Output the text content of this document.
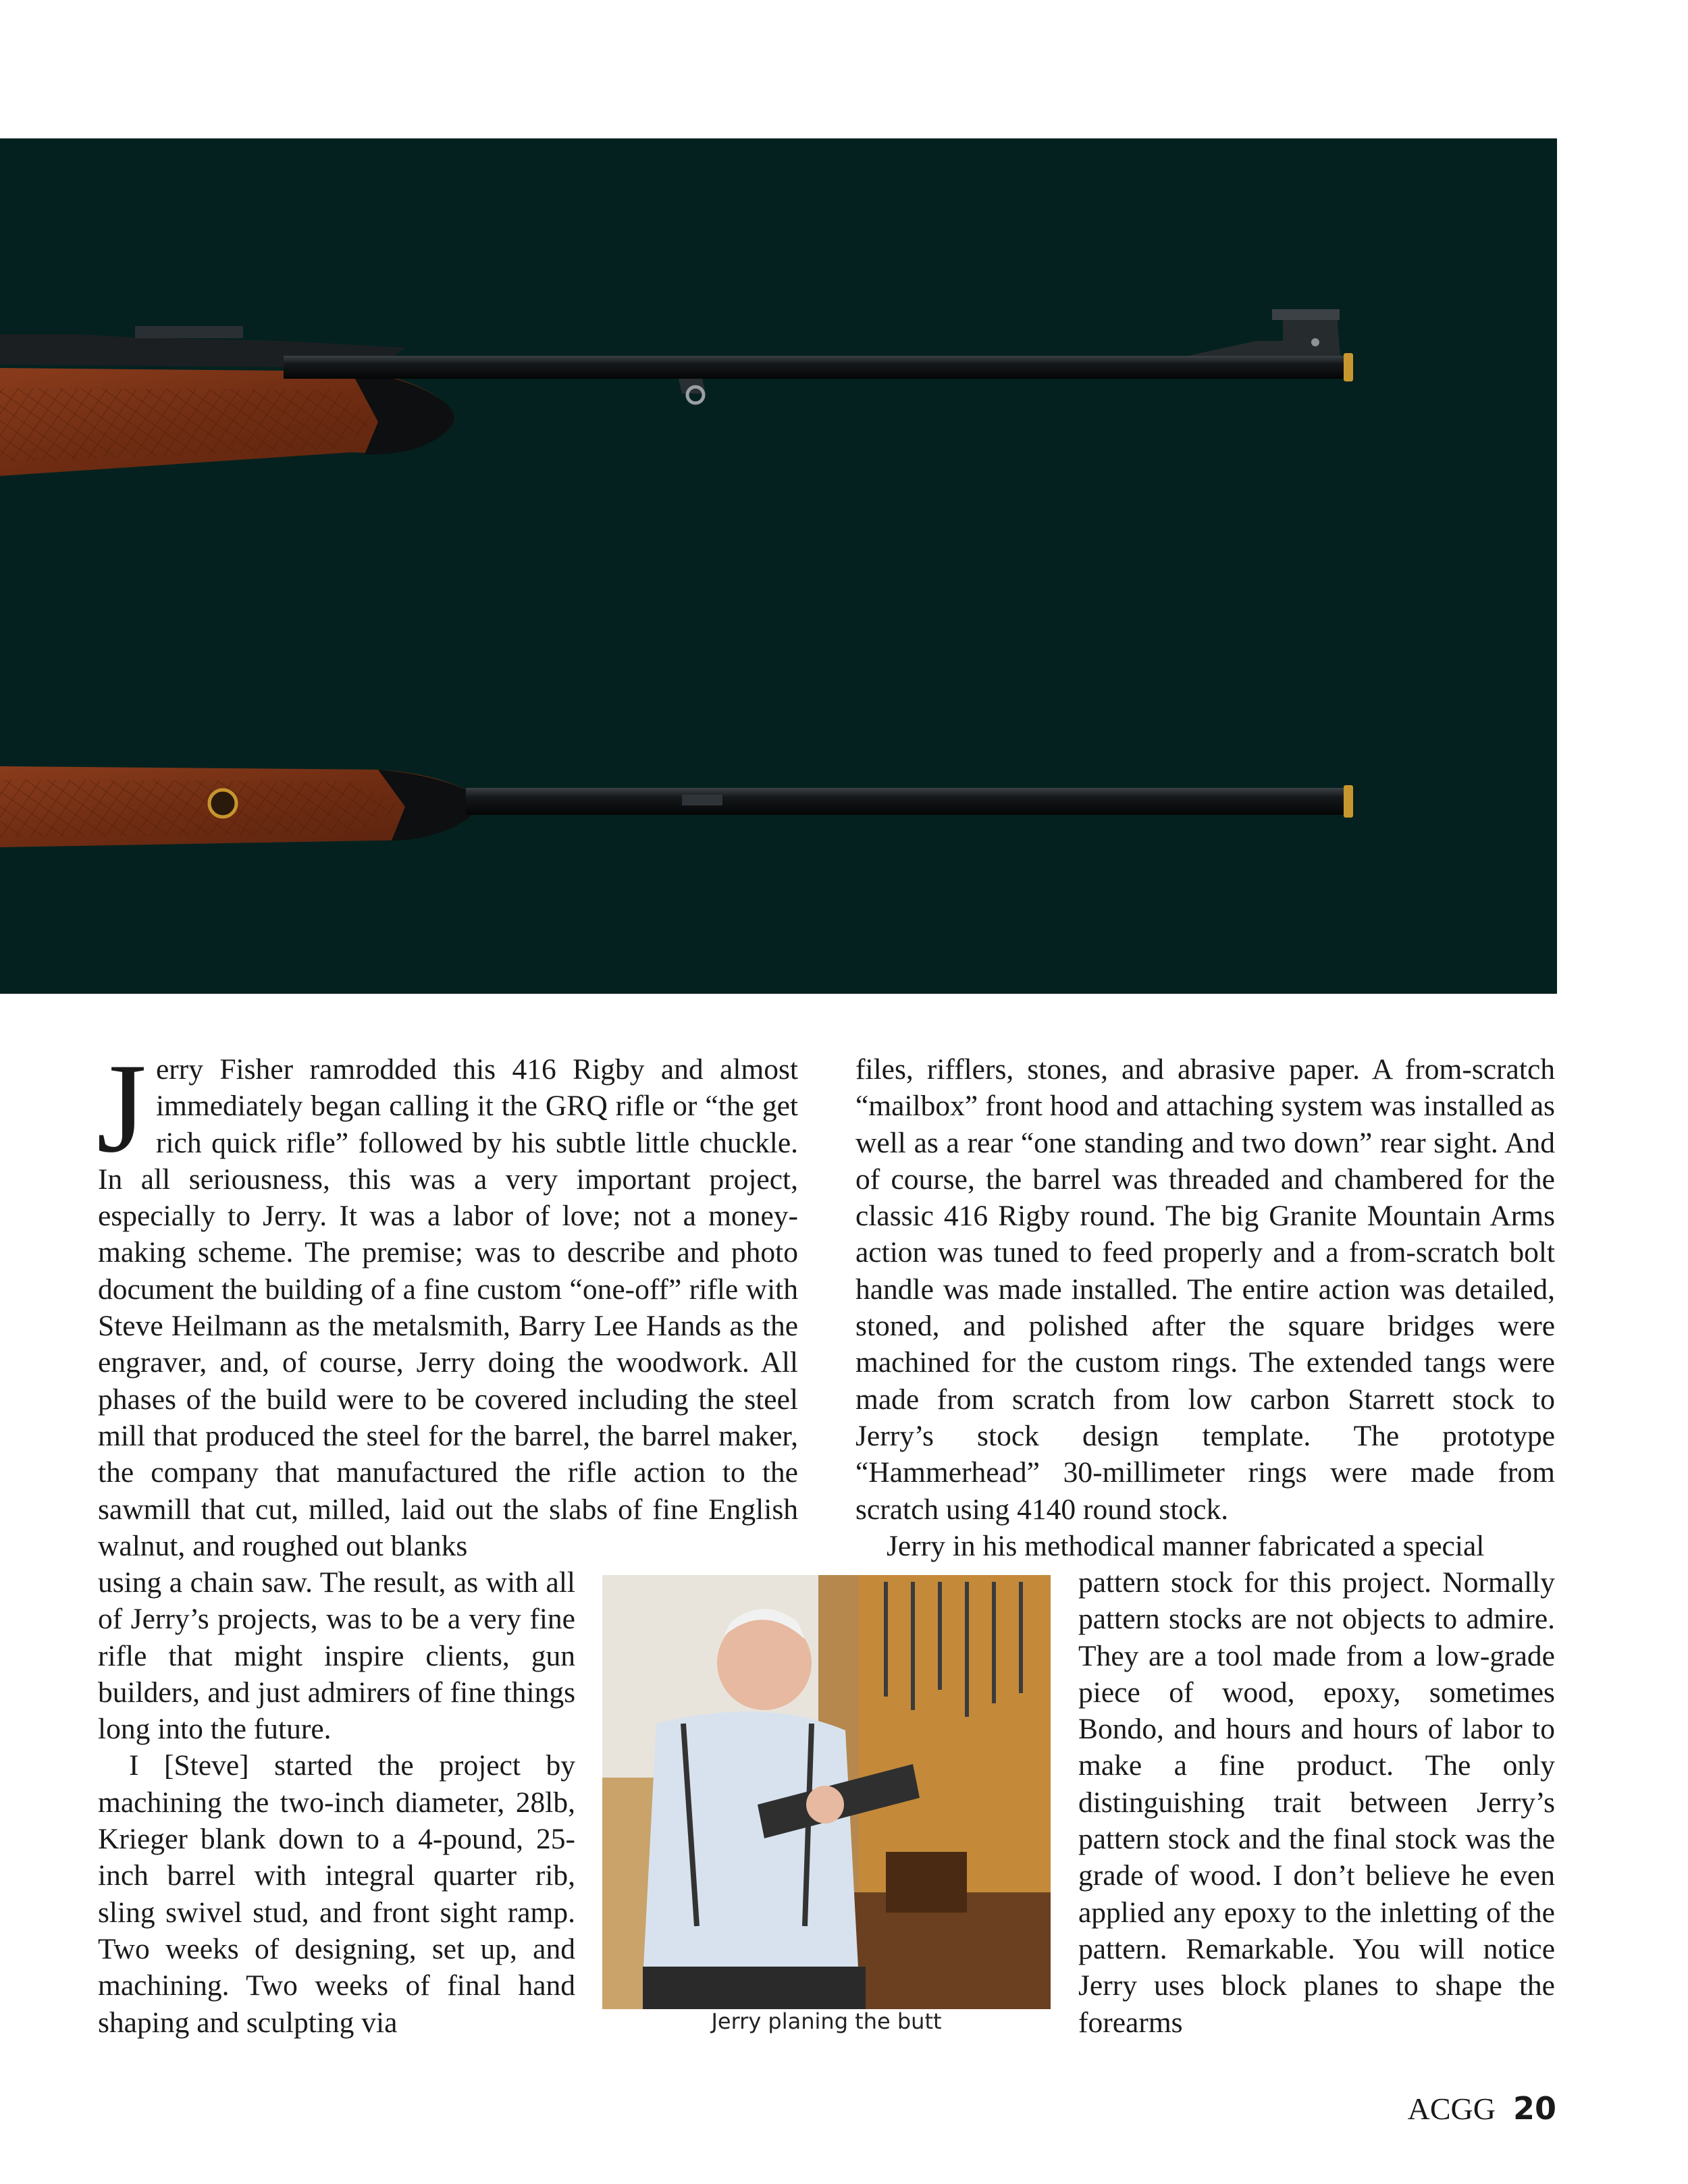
Jerry Fisher ramrodded this 416 Rigby and almost immediately began calling it the GRQ rifle or “the get rich quick rifle” followed by his subtle little chuckle. In all seriousness, this was a very important project, especially to Jerry. It was a labor of love; not a money-making scheme. The premise; was to describe and photo document the building of a fine custom “one-off” rifle with Steve Heilmann as the metalsmith, Barry Lee Hands as the engraver, and, of course, Jerry doing the woodwork. All phases of the build were to be covered including the steel mill that produced the steel for the barrel, the barrel maker, the company that manufactured the rifle action to the sawmill that cut, milled, laid out the slabs of fine English walnut, and roughed out blanks

using a chain saw. The result, as with all of Jerry’s projects, was to be a very fine rifle that might inspire clients, gun builders, and just admirers of fine things long into the future.

I [Steve] started the project by machining the two-inch diameter, 28lb, Krieger blank down to a 4-pound, 25-inch barrel with integral quarter rib, sling swivel stud, and front sight ramp. Two weeks of designing, set up, and machining. Two weeks of final hand shaping and sculpting via

files, rifflers, stones, and abrasive paper. A from-scratch “mailbox” front hood and attaching system was installed as well as a rear “one standing and two down” rear sight. And of course, the barrel was threaded and chambered for the classic 416 Rigby round. The big Granite Mountain Arms action was tuned to feed properly and a from-scratch bolt handle was made installed. The entire action was detailed, stoned, and polished after the square bridges were machined for the custom rings. The extended tangs were made from scratch from low carbon Starrett stock to Jerry’s stock design template. The prototype “Hammerhead” 30-millimeter rings were made from scratch using 4140 round stock.

Jerry in his methodical manner fabricated a special

pattern stock for this project. Normally pattern stocks are not objects to admire. They are a tool made from a low-grade piece of wood, epoxy, sometimes Bondo, and hours and hours of labor to make a fine product. The only distinguishing trait between Jerry’s pattern stock and the final stock was the grade of wood. I don’t believe he even applied any epoxy to the inletting of the pattern. Remarkable. You will notice Jerry uses block planes to shape the forearms

Jerry planing the butt
ACGG 20
